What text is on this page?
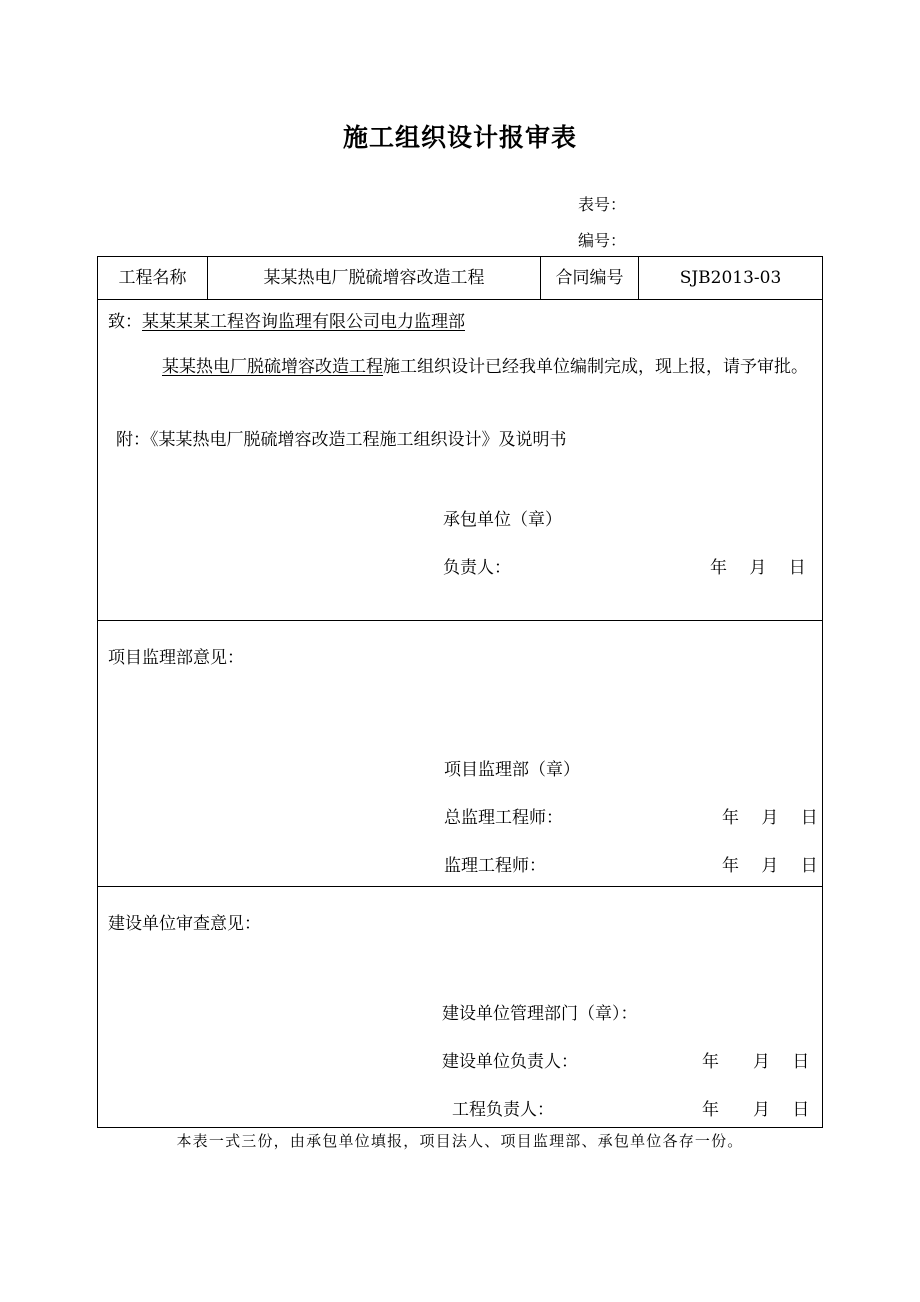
施工组织设计报审表
表号：
编号：
工程名称	某某热电厂脱硫增容改造工程	合同编号	SJB2013-03
致：某某某某工程咨询监理有限公司电力监理部
某某热电厂脱硫增容改造工程施工组织设计已经我单位编制完成，现上报，请予审批。
附：《某某热电厂脱硫增容改造工程施工组织设计》及说明书
承包单位（章）
负责人：	年　 月　 日
项目监理部意见：
项目监理部（章）
总监理工程师：	年　 月　 日
监理工程师：	年　 月　 日
建设单位审查意见：
建设单位管理部门（章）：
建设单位负责人：	年　　月　 日
工程负责人：	年　　月　 日
本表一式三份，由承包单位填报，项目法人、项目监理部、承包单位各存一份。
